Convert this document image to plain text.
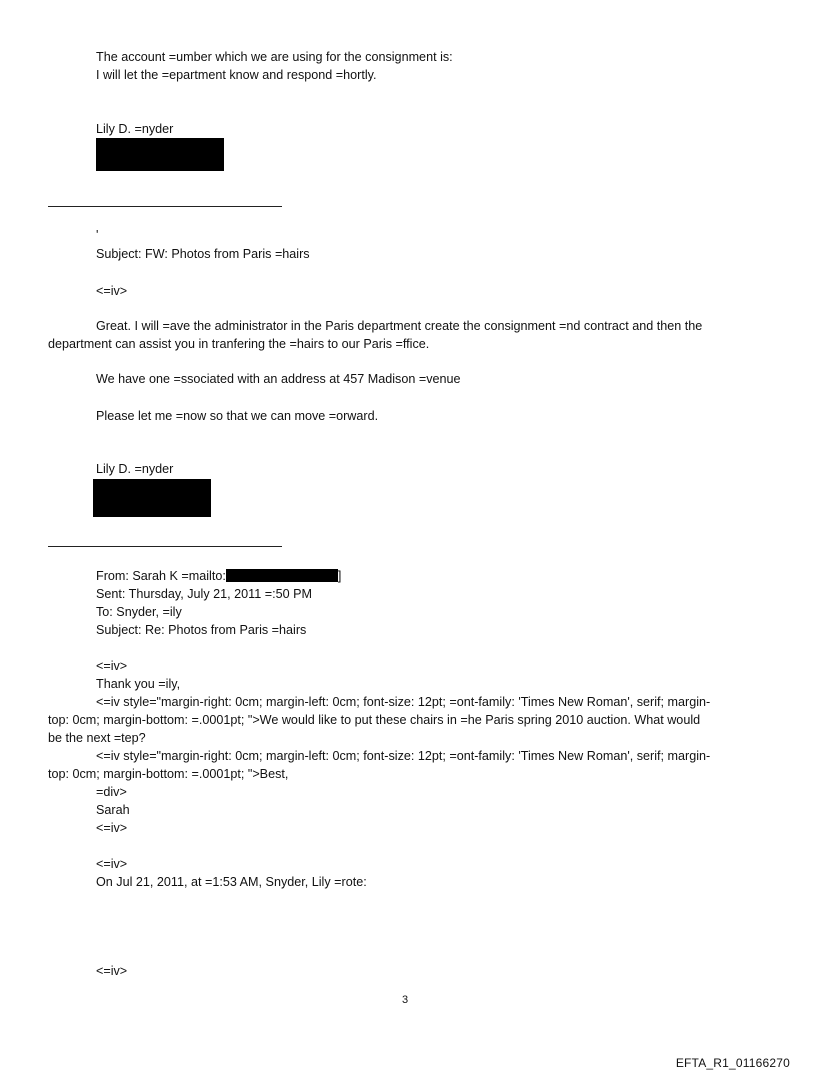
The account =umber which we are using for the consignment is:
I will let the =epartment know and respond =hortly.
Lily D. =nyder
'
Subject: FW: Photos from Paris =hairs
<=iv>
Great. I will =ave the administrator in the Paris department create the consignment =nd contract and then the
department can assist you in tranfering the =hairs to our Paris =ffice.
We have one =ssociated with an address at 457 Madison =venue
Please let me =now so that we can move =orward.
Lily D. =nyder
From: Sarah K =mailto:	]
Sent: Thursday, July 21, 2011 =:50 PM
To: Snyder, =ily
Subject: Re: Photos from Paris =hairs
<=iv>
Thank you =ily,
<=iv style="margin-right: 0cm; margin-left: 0cm; font-size: 12pt; =ont-family: 'Times New Roman', serif; margin-
top: 0cm; margin-bottom: =.0001pt; ">We would like to put these chairs in =he Paris spring 2010 auction. What would
be the next =tep?
<=iv style="margin-right: 0cm; margin-left: 0cm; font-size: 12pt; =ont-family: 'Times New Roman', serif; margin-
top: 0cm; margin-bottom: =.0001pt; ">Best,
=div>
Sarah
<=iv>
<=iv>
On Jul 21, 2011, at =1:53 AM, Snyder, Lily =rote:
<=iv>
3
EFTA_R1_01166270
